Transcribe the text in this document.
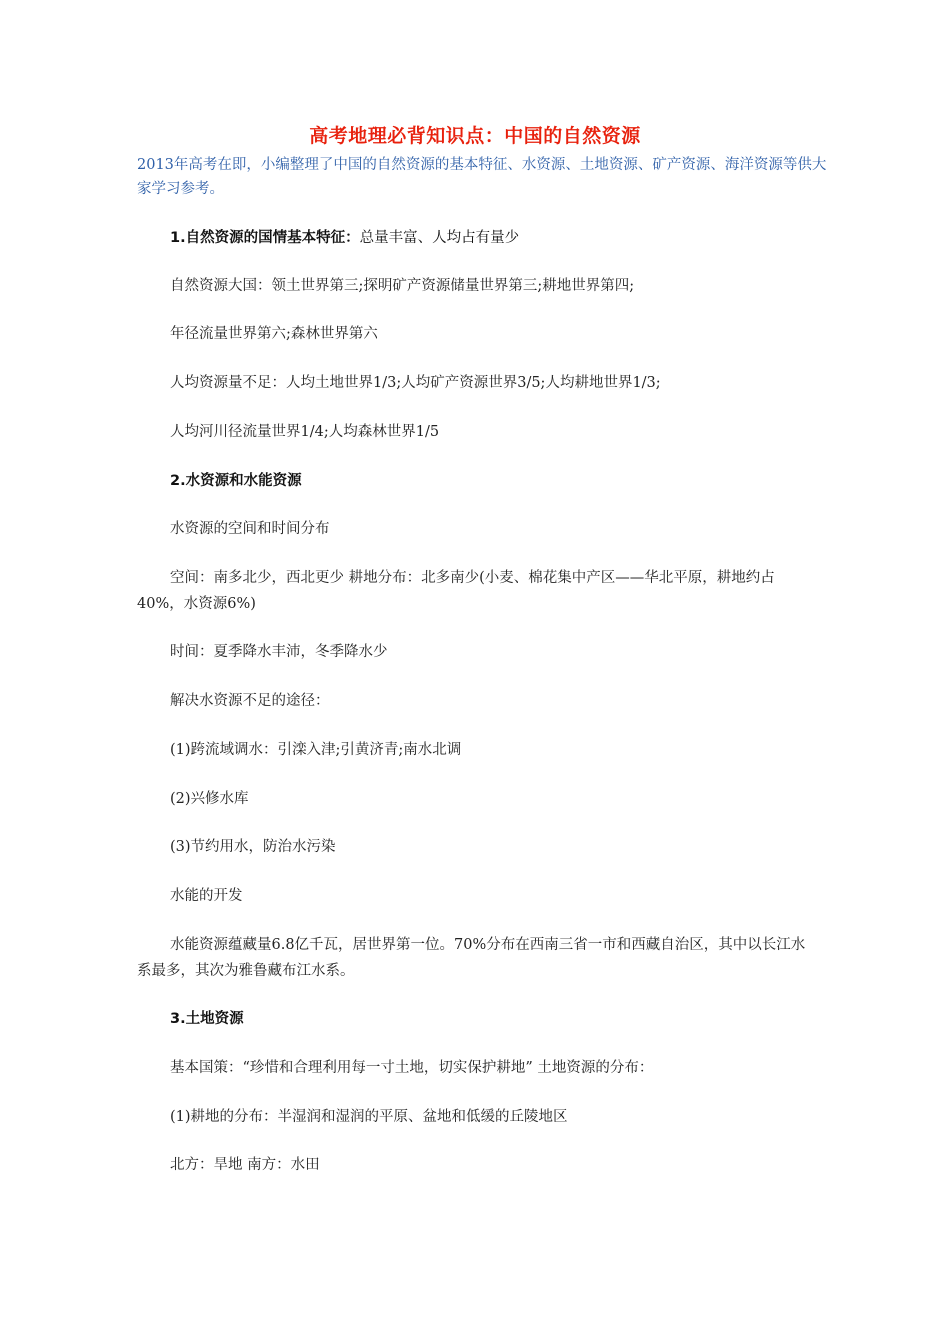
高考地理必背知识点：中国的自然资源
2013年高考在即，小编整理了中国的自然资源的基本特征、水资源、土地资源、矿产资源、海洋资源等供大家学习参考。
1.自然资源的国情基本特征：总量丰富、人均占有量少
自然资源大国：领土世界第三;探明矿产资源储量世界第三;耕地世界第四;
年径流量世界第六;森林世界第六
人均资源量不足：人均土地世界1/3;人均矿产资源世界3/5;人均耕地世界1/3;
人均河川径流量世界1/4;人均森林世界1/5
2.水资源和水能资源
水资源的空间和时间分布
空间：南多北少，西北更少 耕地分布：北多南少(小麦、棉花集中产区——华北平原，耕地约占40%，水资源6%)
时间：夏季降水丰沛，冬季降水少
解决水资源不足的途径：
(1)跨流域调水：引滦入津;引黄济青;南水北调
(2)兴修水库
(3)节约用水，防治水污染
水能的开发
水能资源蕴藏量6.8亿千瓦，居世界第一位。70%分布在西南三省一市和西藏自治区，其中以长江水系最多，其次为雅鲁藏布江水系。
3.土地资源
基本国策：“珍惜和合理利用每一寸土地，切实保护耕地” 土地资源的分布：
(1)耕地的分布：半湿润和湿润的平原、盆地和低缓的丘陵地区
北方：旱地 南方：水田
